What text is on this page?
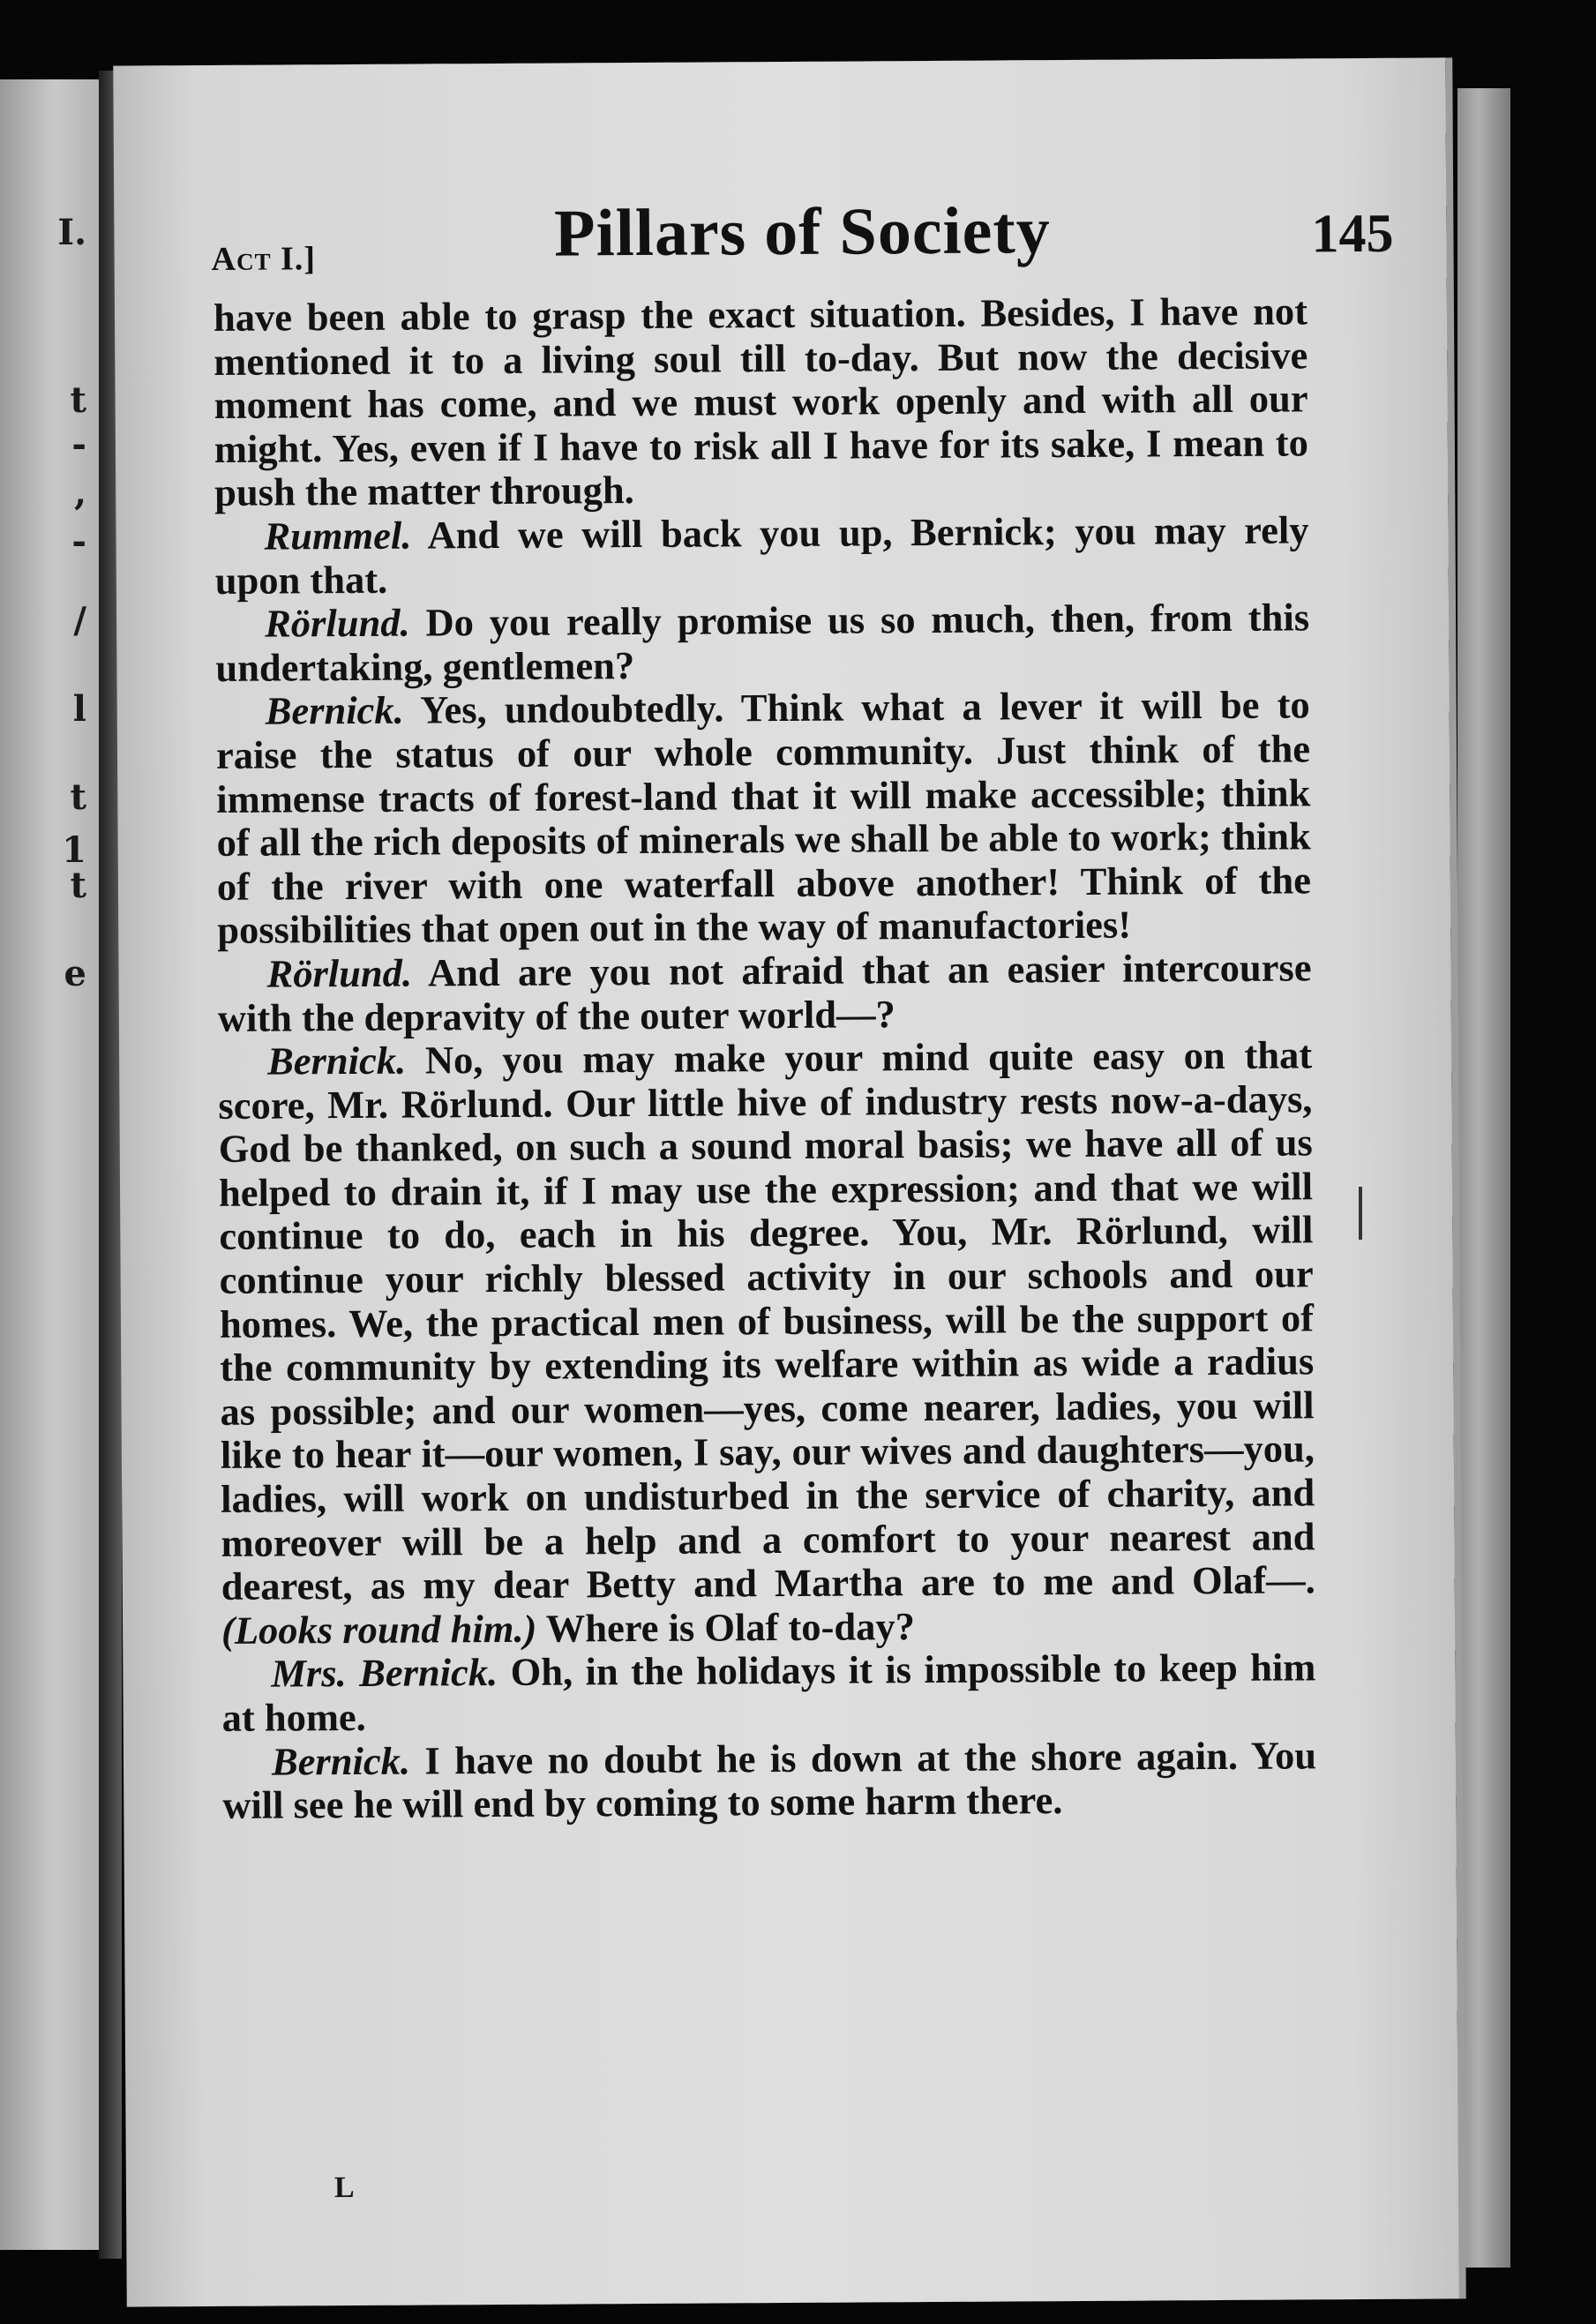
I.
t
-
,
-
/
l
t
1
t
e
Act I.]	Pillars of Society	145

have been able to grasp the exact situation. Besides, I have not mentioned it to a living soul till to-day. But now the decisive moment has come, and we must work openly and with all our might. Yes, even if I have to risk all I have for its sake, I mean to push the matter through.

Rummel. And we will back you up, Bernick; you may rely upon that.

Rörlund. Do you really promise us so much, then, from this undertaking, gentlemen?

Bernick. Yes, undoubtedly. Think what a lever it will be to raise the status of our whole community. Just think of the immense tracts of forest-land that it will make accessible; think of all the rich deposits of minerals we shall be able to work; think of the river with one waterfall above another! Think of the possibilities that open out in the way of manufactories!

Rörlund. And are you not afraid that an easier intercourse with the depravity of the outer world—?

Bernick. No, you may make your mind quite easy on that score, Mr. Rörlund. Our little hive of industry rests now-a-days, God be thanked, on such a sound moral basis; we have all of us helped to drain it, if I may use the expression; and that we will continue to do, each in his degree. You, Mr. Rörlund, will continue your richly blessed activity in our schools and our homes. We, the practical men of business, will be the support of the community by extending its welfare within as wide a radius as possible; and our women—yes, come nearer, ladies, you will like to hear it—our women, I say, our wives and daughters—you, ladies, will work on undisturbed in the service of charity, and moreover will be a help and a comfort to your nearest and dearest, as my dear Betty and Martha are to me and Olaf—. (Looks round him.) Where is Olaf to-day?

Mrs. Bernick. Oh, in the holidays it is impossible to keep him at home.

Bernick. I have no doubt he is down at the shore again. You will see he will end by coming to some harm there.

L
